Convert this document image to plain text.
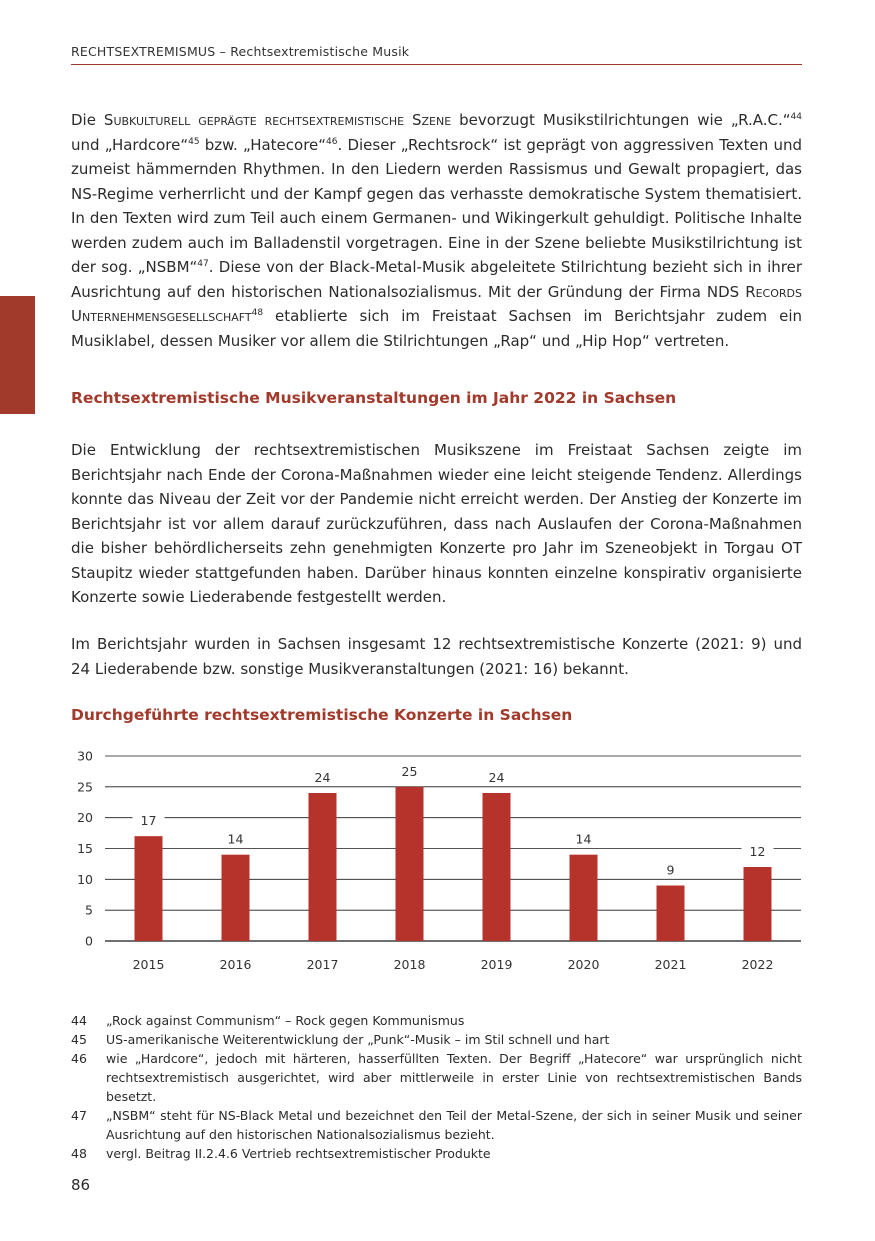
RECHTSEXTREMISMUS – Rechtsextremistische Musik

Die Subkulturell geprägte rechtsextremistische Szene bevorzugt Musikstilrichtungen wie „R.A.C.“$^{44}$ und „Hardcore“$^{45}$ bzw. „Hatecore“$^{46}$. Dieser „Rechtsrock“ ist geprägt von aggressiven Texten und zumeist hämmernden Rhythmen. In den Liedern werden Rassismus und Gewalt propagiert, das NS-Regime verherrlicht und der Kampf gegen das verhasste demokratische System thematisiert. In den Texten wird zum Teil auch einem Germanen- und Wikingerkult gehuldigt. Politische Inhalte werden zudem auch im Balladenstil vorgetragen. Eine in der Szene beliebte Musikstilrichtung ist der sog. „NSBM“$^{47}$. Diese von der Black-Metal-Musik abgeleitete Stilrichtung bezieht sich in ihrer Ausrichtung auf den historischen Nationalsozialismus. Mit der Gründung der Firma NDS Records Unternehmensgesellschaft$^{48}$ etablierte sich im Freistaat Sachsen im Berichtsjahr zudem ein Musiklabel, dessen Musiker vor allem die Stilrichtungen „Rap“ und „Hip Hop“ vertreten.

Rechtsextremistische Musikveranstaltungen im Jahr 2022 in Sachsen

Die Entwicklung der rechtsextremistischen Musikszene im Freistaat Sachsen zeigte im Berichtsjahr nach Ende der Corona-Maßnahmen wieder eine leicht steigende Tendenz. Allerdings konnte das Niveau der Zeit vor der Pandemie nicht erreicht werden. Der Anstieg der Konzerte im Berichtsjahr ist vor allem darauf zurückzuführen, dass nach Auslaufen der Corona-Maßnahmen die bisher behördlicherseits zehn genehmigten Konzerte pro Jahr im Szeneobjekt in Torgau OT Staupitz wieder stattgefunden haben. Darüber hinaus konnten einzelne konspirativ organisierte Konzerte sowie Liederabende festgestellt werden.

Im Berichtsjahr wurden in Sachsen insgesamt 12 rechtsextremistische Konzerte (2021: 9) und 24 Liederabende bzw. sonstige Musikveranstaltungen (2021: 16) bekannt.

Durchgeführte rechtsextremistische Konzerte in Sachsen
0
5
10
15
20
25
30
17
2015
14
2016
24
2017
25
2018
24
2019
14
2020
9
2021
12
2022
44	„Rock against Communism“ – Rock gegen Kommunismus
45	US-amerikanische Weiterentwicklung der „Punk“-Musik – im Stil schnell und hart
46	wie „Hardcore“, jedoch mit härteren, hasserfüllten Texten. Der Begriff „Hatecore“ war ursprünglich nicht rechtsextremistisch ausgerichtet, wird aber mittlerweile in erster Linie von rechtsextremistischen Bands besetzt.
47	„NSBM“ steht für NS-Black Metal und bezeichnet den Teil der Metal-Szene, der sich in seiner Musik und seiner Ausrichtung auf den historischen Nationalsozialismus bezieht.
48	vergl. Beitrag II.2.4.6 Vertrieb rechtsextremistischer Produkte
86
